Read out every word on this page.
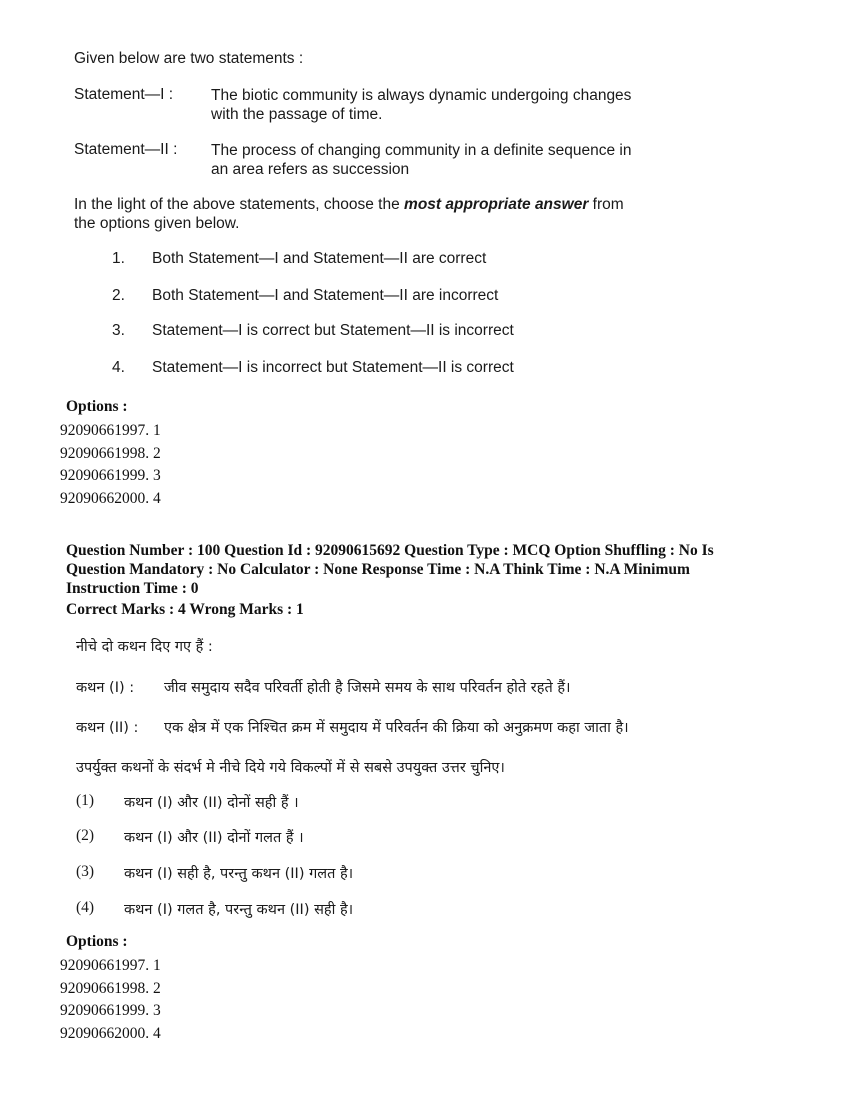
Given below are two statements :
Statement—I : The biotic community is always dynamic undergoing changes
with the passage of time.
Statement—II : The process of changing community in a definite sequence in
an area refers as succession
In the light of the above statements, choose the most appropriate answer from
the options given below.
1. Both Statement—I and Statement—II are correct
2. Both Statement—I and Statement—II are incorrect
3. Statement—I is correct but Statement—II is incorrect
4. Statement—I is incorrect but Statement—II is correct
Options :
92090661997. 1
92090661998. 2
92090661999. 3
92090662000. 4
Question Number : 100 Question Id : 92090615692 Question Type : MCQ Option Shuffling : No Is
Question Mandatory : No Calculator : None Response Time : N.A Think Time : N.A Minimum
Instruction Time : 0
Correct Marks : 4 Wrong Marks : 1
नीचे दो कथन दिए गए हैं :
कथन (I) : जीव समुदाय सदैव परिवर्ती होती है जिसमे समय के साथ परिवर्तन होते रहते हैं।
कथन (II) : एक क्षेत्र में एक निश्चित क्रम में समुदाय में परिवर्तन की क्रिया को अनुक्रमण कहा जाता है।
उपर्युक्त कथनों के संदर्भ मे नीचे दिये गये विकल्पों में से सबसे उपयुक्त उत्तर चुनिए।
(1) कथन (I) और (II) दोनों सही हैं ।
(2) कथन (I) और (II) दोनों गलत हैं ।
(3) कथन (I) सही है, परन्तु कथन (II) गलत है।
(4) कथन (I) गलत है, परन्तु कथन (II) सही है।
Options :
92090661997. 1
92090661998. 2
92090661999. 3
92090662000. 4
